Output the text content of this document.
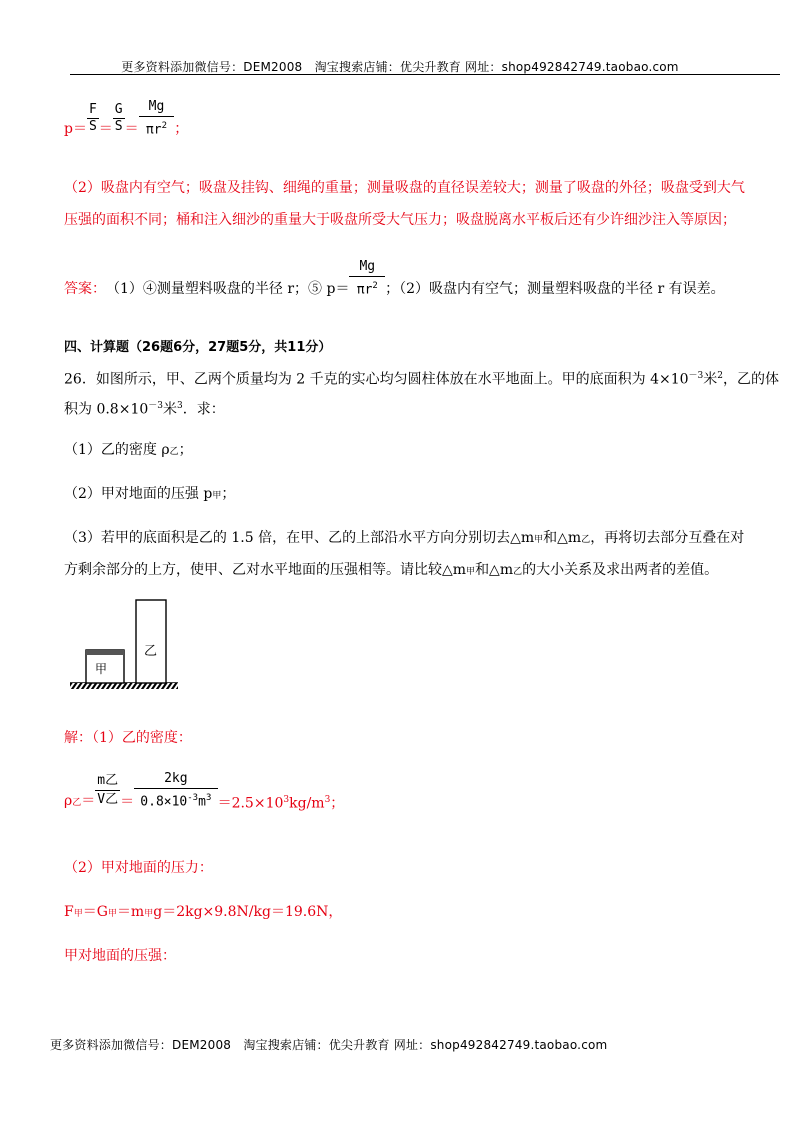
更多资料添加微信号：DEM2008　淘宝搜索店铺：优尖升教育 网址：shop492842749.taobao.com
$p= \frac{F}{S} = \frac{G}{S} = \frac{Mg}{\pi r^2}$ ；
（2）吸盘内有空气；吸盘及挂钩、细绳的重量；测量吸盘的直径误差较大；测量了吸盘的外径；吸盘受到大气
压强的面积不同；桶和注入细沙的重量大于吸盘所受大气压力；吸盘脱离水平板后还有少许细沙注入等原因；
答案： （1）④测量塑料吸盘的半径 r；⑤ $p= \frac{Mg}{\pi r^2}$ ；（2）吸盘内有空气；测量塑料吸盘的半径 r 有误差。
四、计算题（26题6分，27题5分，共11分）
26．如图所示，甲、乙两个质量均为 2 千克的实心均匀圆柱体放在水平地面上。甲的底面积为 $4\times 10^{-3}$米$^2$，乙的体
积为 $0.8\times 10^{-3}$米$^3$．求：
（1）乙的密度 ρ乙；
（2）甲对地面的压强 p甲；
（3）若甲的底面积是乙的 1.5 倍，在甲、乙的上部沿水平方向分别切去△m甲和△m乙，再将切去部分互叠在对
方剩余部分的上方，使甲、乙对水平地面的压强相等。请比较△m甲和△m乙的大小关系及求出两者的差值。
甲
乙
解：（1）乙的密度：
ρ乙＝ $\frac{\text{m乙}}{\text{V乙}} = \frac{2kg}{0.8\times 10^{-3}m^3} =2.5\times 10^3kg/m^3$；
（2）甲对地面的压力：
F甲＝G甲＝m甲g＝2kg×9.8N/kg＝19.6N，
甲对地面的压强：
更多资料添加微信号：DEM2008　淘宝搜索店铺：优尖升教育 网址：shop492842749.taobao.com
